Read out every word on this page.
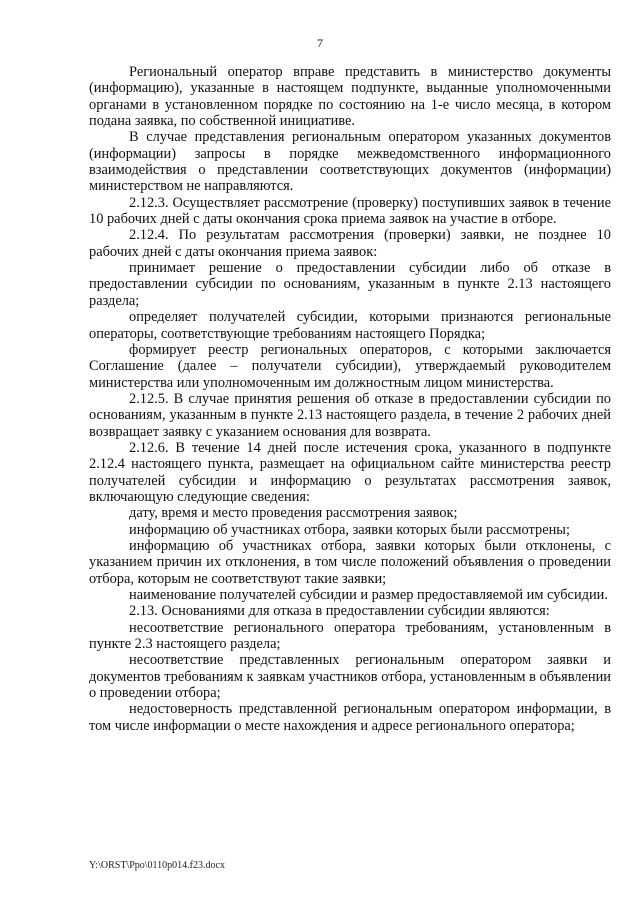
7

Региональный оператор вправе представить в министерство документы (информацию), указанные в настоящем подпункте, выданные уполномоченными органами в установленном порядке по состоянию на 1-е число месяца, в котором подана заявка, по собственной инициативе.

В случае представления региональным оператором указанных документов (информации) запросы в порядке межведомственного информационного взаимодействия о представлении соответствующих документов (информации) министерством не направляются.

2.12.3. Осуществляет рассмотрение (проверку) поступивших заявок в течение 10 рабочих дней с даты окончания срока приема заявок на участие в отборе.

2.12.4. По результатам рассмотрения (проверки) заявки, не позднее 10 рабочих дней с даты окончания приема заявок:

принимает решение о предоставлении субсидии либо об отказе в предоставлении субсидии по основаниям, указанным в пункте 2.13 настоящего раздела;

определяет получателей субсидии, которыми признаются региональные операторы, соответствующие требованиям настоящего Порядка;

формирует реестр региональных операторов, с которыми заключается Соглашение (далее – получатели субсидии), утверждаемый руководителем министерства или уполномоченным им должностным лицом министерства.

2.12.5. В случае принятия решения об отказе в предоставлении субсидии по основаниям, указанным в пункте 2.13 настоящего раздела, в течение 2 рабочих дней возвращает заявку с указанием основания для возврата.

2.12.6. В течение 14 дней после истечения срока, указанного в подпункте 2.12.4 настоящего пункта, размещает на официальном сайте министерства реестр получателей субсидии и информацию о результатах рассмотрения заявок, включающую следующие сведения:

дату, время и место проведения рассмотрения заявок;

информацию об участниках отбора, заявки которых были рассмотрены;

информацию об участниках отбора, заявки которых были отклонены, с указанием причин их отклонения, в том числе положений объявления о проведении отбора, которым не соответствуют такие заявки;

наименование получателей субсидии и размер предоставляемой им субсидии.

2.13. Основаниями для отказа в предоставлении субсидии являются:

несоответствие регионального оператора требованиям, установленным в пункте 2.3 настоящего раздела;

несоответствие представленных региональным оператором заявки и документов требованиям к заявкам участников отбора, установленным в объявлении о проведении отбора;

недостоверность представленной региональным оператором информации, в том числе информации о месте нахождения и адресе регионального оператора;

Y:\ORST\Ppo\0110p014.f23.docx
